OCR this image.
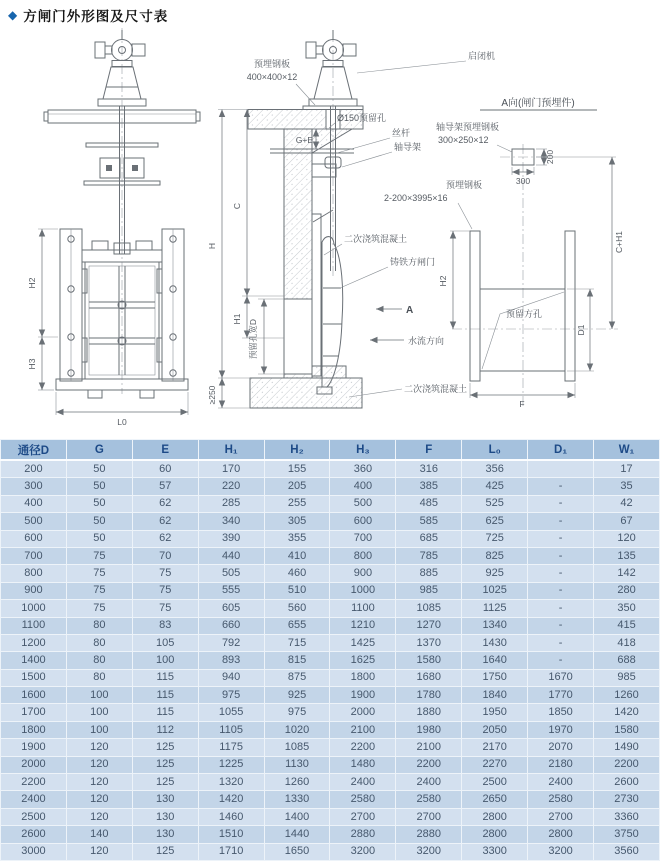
◆ 方闸门外形图及尺寸表
H2
H3
L0
预埋钢板
400×400×12
启闭机
Ø150预留孔
G+E
丝杆
轴导架
二次浇筑混凝土
铸铁方闸门
A
水流方向
二次浇筑混凝土
H
C
H1 预留孔宽D
≥250
A向(闸门预埋件)
300
200
预留方孔
轴导架预埋钢板
300×250×12
预埋钢板
2-200×3995×16
H2
C+H1
D1
F
通径D	G	E	H₁	H₂	H₃	F	L₀	D₁	W₁
200	50	60	170	155	360	316	356		17
300	50	57	220	205	400	385	425	-	35
400	50	62	285	255	500	485	525	-	42
500	50	62	340	305	600	585	625	-	67
600	50	62	390	355	700	685	725	-	120
700	75	70	440	410	800	785	825	-	135
800	75	75	505	460	900	885	925	-	142
900	75	75	555	510	1000	985	1025	-	280
1000	75	75	605	560	1100	1085	1125	-	350
1100	80	83	660	655	1210	1270	1340	-	415
1200	80	105	792	715	1425	1370	1430	-	418
1400	80	100	893	815	1625	1580	1640	-	688
1500	80	115	940	875	1800	1680	1750	1670	985
1600	100	115	975	925	1900	1780	1840	1770	1260
1700	100	115	1055	975	2000	1880	1950	1850	1420
1800	100	112	1105	1020	2100	1980	2050	1970	1580
1900	120	125	1175	1085	2200	2100	2170	2070	1490
2000	120	125	1225	1130	1480	2200	2270	2180	2200
2200	120	125	1320	1260	2400	2400	2500	2400	2600
2400	120	130	1420	1330	2580	2580	2650	2580	2730
2500	120	130	1460	1400	2700	2700	2800	2700	3360
2600	140	130	1510	1440	2880	2880	2800	2800	3750
3000	120	125	1710	1650	3200	3200	3300	3200	3560
